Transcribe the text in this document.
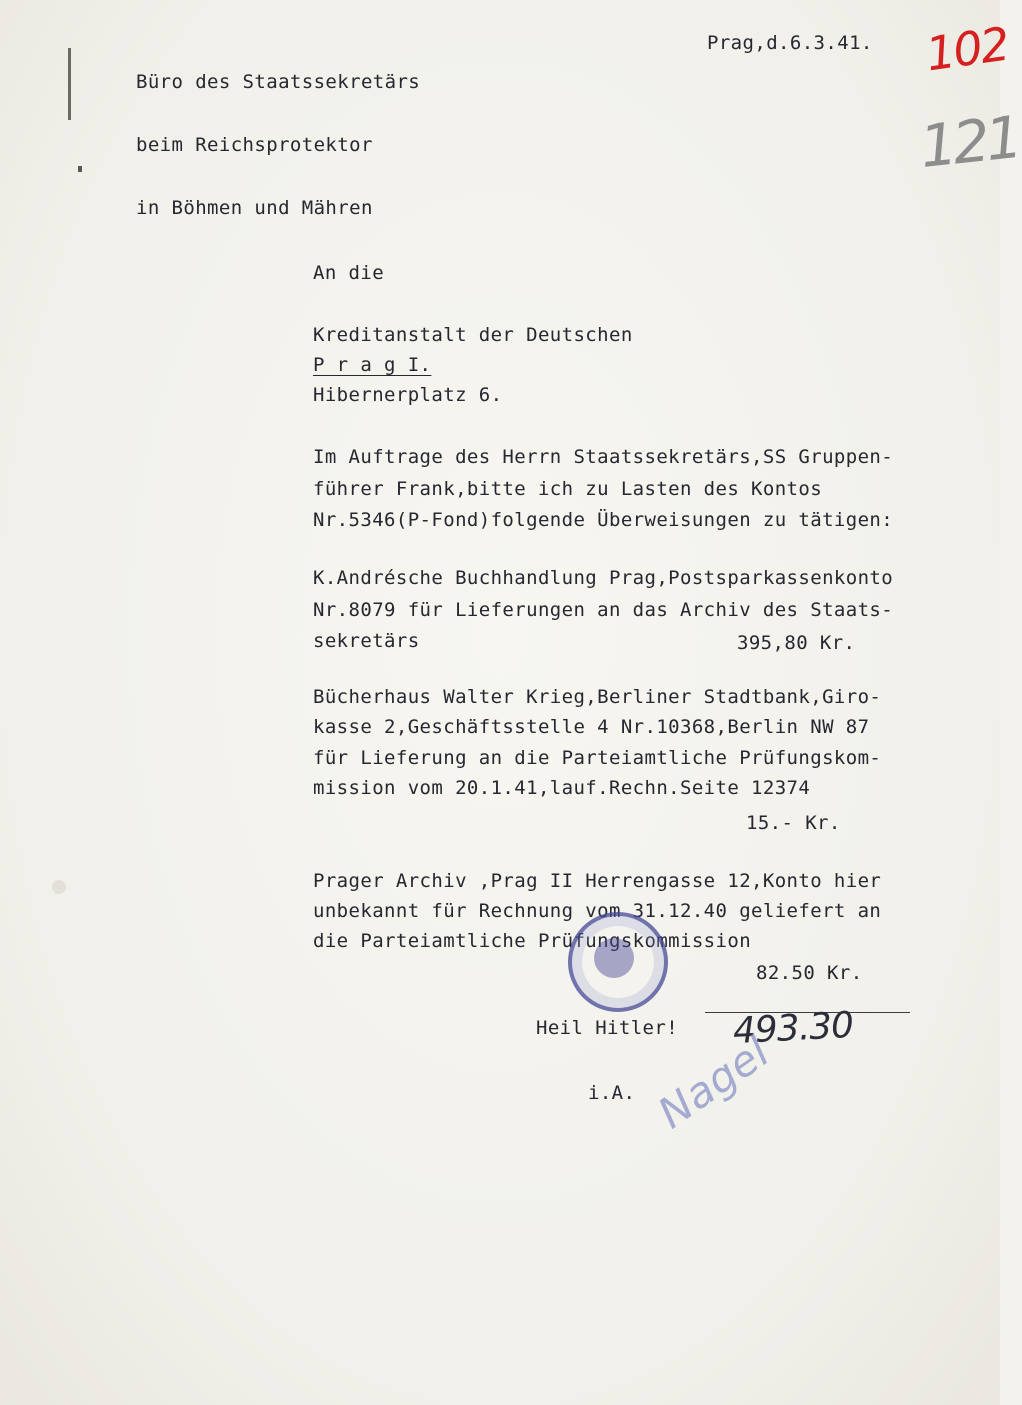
Büro des Staatssekretärs

beim Reichsprotektor

in Böhmen und Mähren

Prag,d.6.3.41. 102
121
An die
Kreditanstalt der Deutschen
P r a g I.
Hibernerplatz 6.
Im Auftrage des Herrn Staatssekretärs,SS Gruppen-
führer Frank,bitte ich zu Lasten des Kontos
Nr.5346(P-Fond)folgende Überweisungen zu tätigen:
K.Andrésche Buchhandlung Prag,Postsparkassenkonto
Nr.8079 für Lieferungen an das Archiv des Staats-
sekretärs	395,80 Kr.
Bücherhaus Walter Krieg,Berliner Stadtbank,Giro-
kasse 2,Geschäftsstelle 4 Nr.10368,Berlin NW 87
für Lieferung an die Parteiamtliche Prüfungskom-
mission vom 20.1.41,lauf.Rechn.Seite 12374
15.- Kr.
Prager Archiv ,Prag II Herrengasse 12,Konto hier
unbekannt für Rechnung vom 31.12.40 geliefert an
die Parteiamtliche Prüfungskommission
82.50 Kr.
Heil Hitler! 493.30
Nagel
i.A.
